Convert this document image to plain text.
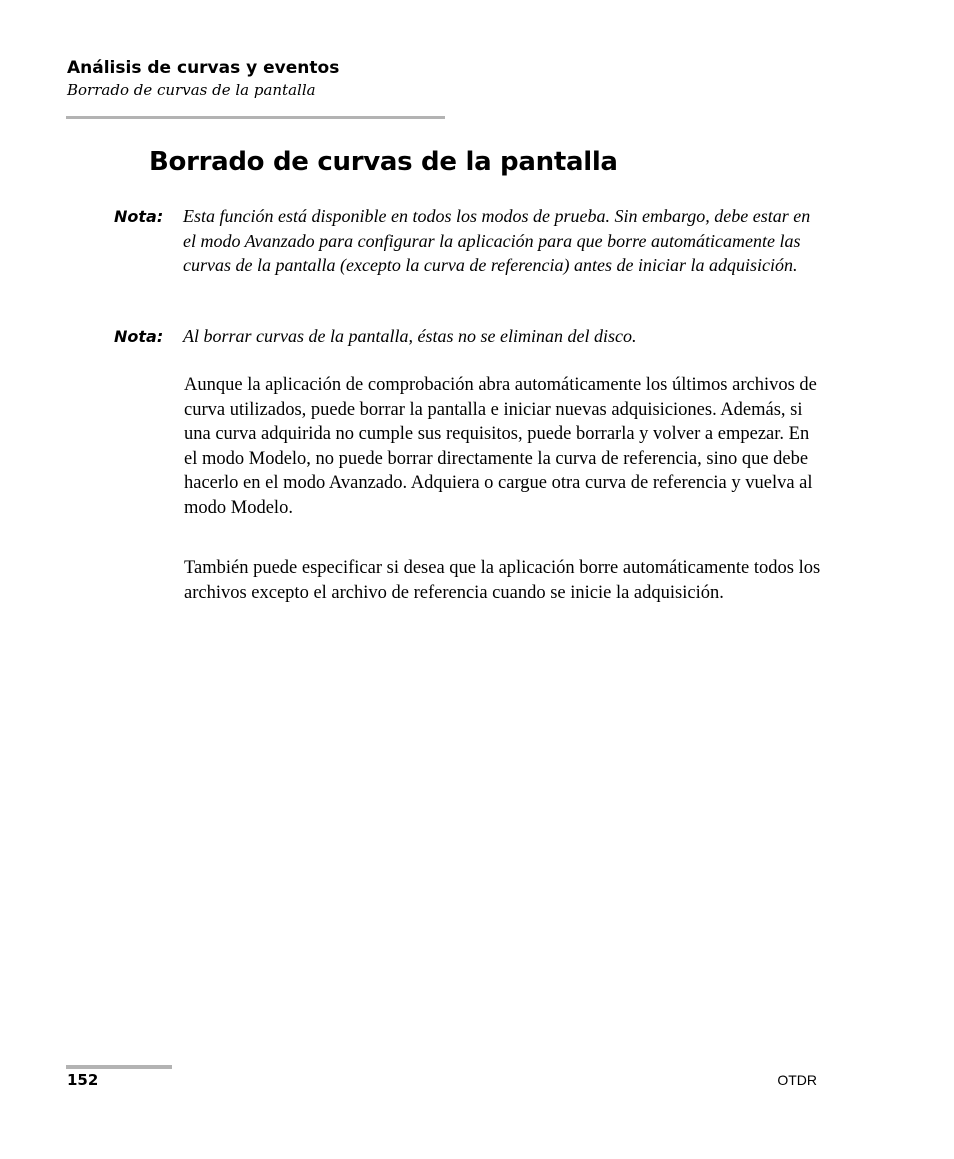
Análisis de curvas y eventos

Borrado de curvas de la pantalla

Borrado de curvas de la pantalla
Nota:	Esta función está disponible en todos los modos de prueba. Sin embargo, debe estar en el modo Avanzado para configurar la aplicación para que borre automáticamente las curvas de la pantalla (excepto la curva de referencia) antes de iniciar la adquisición.
Nota:	Al borrar curvas de la pantalla, éstas no se eliminan del disco.

Aunque la aplicación de comprobación abra automáticamente los últimos archivos de curva utilizados, puede borrar la pantalla e iniciar nuevas adquisiciones. Además, si una curva adquirida no cumple sus requisitos, puede borrarla y volver a empezar. En el modo Modelo, no puede borrar directamente la curva de referencia, sino que debe hacerlo en el modo Avanzado. Adquiera o cargue otra curva de referencia y vuelva al modo Modelo.

También puede especificar si desea que la aplicación borre automáticamente todos los archivos excepto el archivo de referencia cuando se inicie la adquisición.

152	OTDR
